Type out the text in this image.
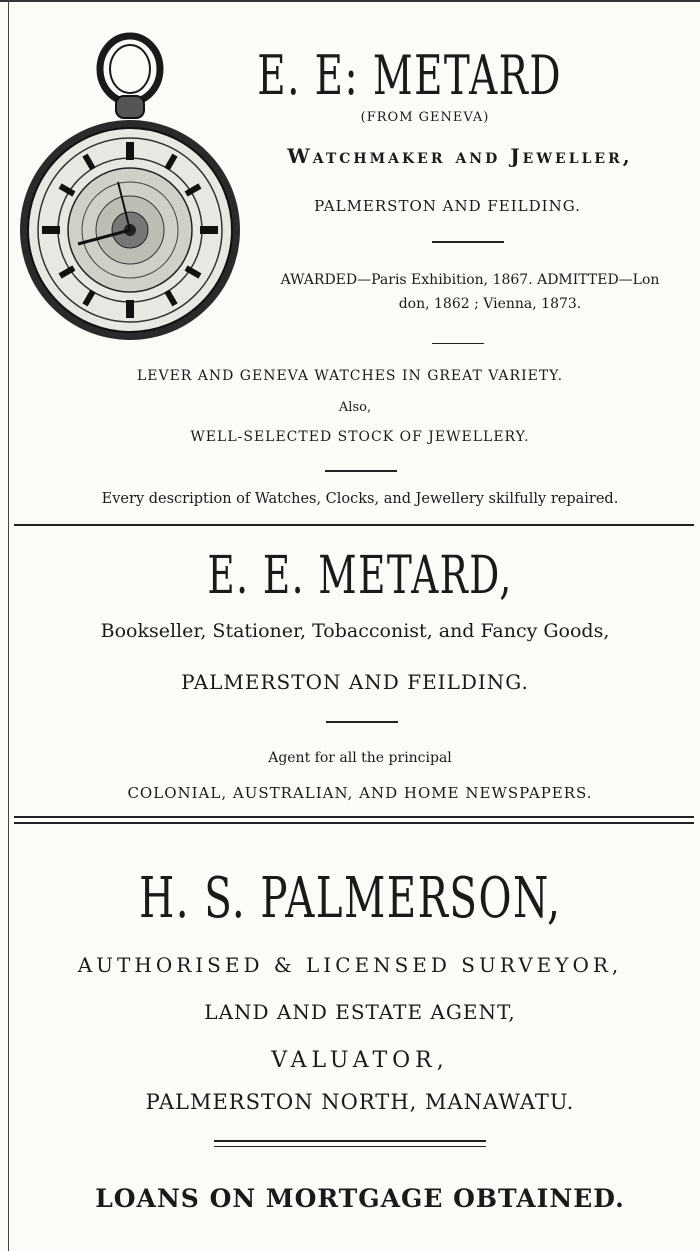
E. E: METARD
(FROM GENEVA)
Watchmaker and Jeweller,
PALMERSTON AND FEILDING.
AWARDED—Paris Exhibition, 1867. ADMITTED—Lon
don, 1862 ; Vienna, 1873.
LEVER AND GENEVA WATCHES IN GREAT VARIETY.
Also,
WELL-SELECTED STOCK OF JEWELLERY.
Every description of Watches, Clocks, and Jewellery skilfully repaired.
E. E. METARD,
Bookseller, Stationer, Tobacconist, and Fancy Goods,
PALMERSTON AND FEILDING.
Agent for all the principal
COLONIAL, AUSTRALIAN, AND HOME NEWSPAPERS.
H. S. PALMERSON,
AUTHORISED & LICENSED SURVEYOR,
LAND AND ESTATE AGENT,
VALUATOR,
PALMERSTON NORTH, MANAWATU.
LOANS ON MORTGAGE OBTAINED.
